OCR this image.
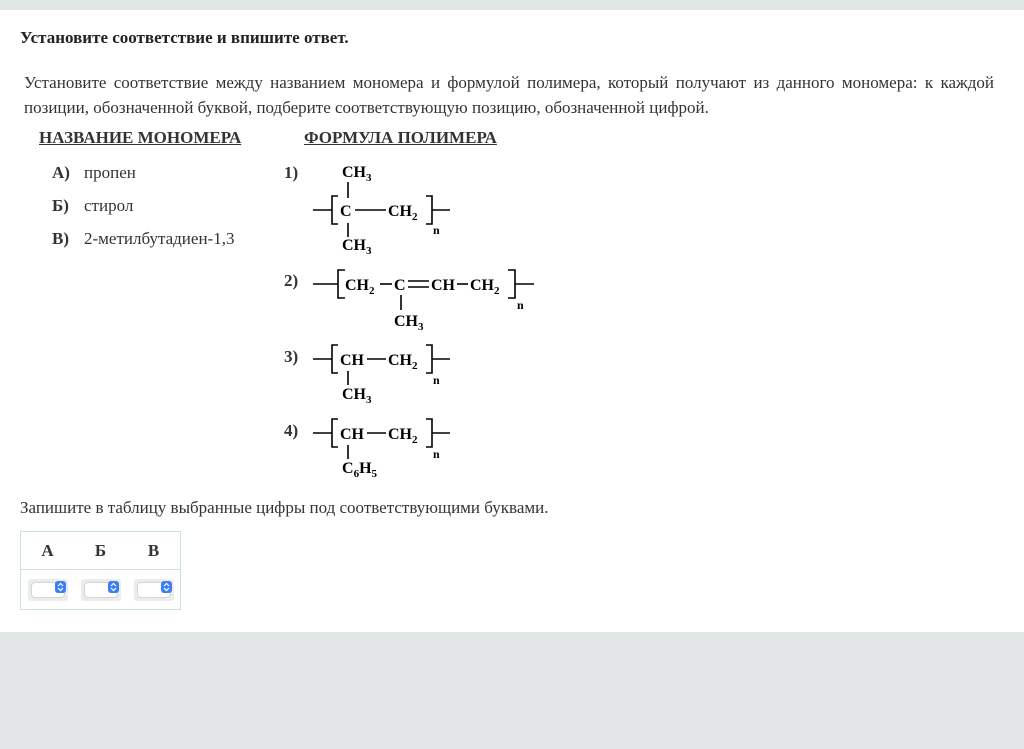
Установите соответствие и впишите ответ.
Установите соответствие между названием мономера и формулой полимера, который получают из данного мономера: к каждой позиции, обозначенной буквой, подберите соответствующую позицию, обозначенной цифрой.
НАЗВАНИЕ МОНОМЕРА	ФОРМУЛА ПОЛИМЕРА
А) пропен
Б) стирол
В) 2-метилбутадиен-1,3
1)
2)
3)
4)
$CH_3$
C $CH_2$
n
$CH_3$
$CH_2$ C CH $CH_2$
n
$CH_3$
CH $CH_2$
n
$CH_3$
CH $CH_2$
n
$C_6H_5$
Запишите в таблицу выбранные цифры под соответствующими буквами.
А	Б	В
